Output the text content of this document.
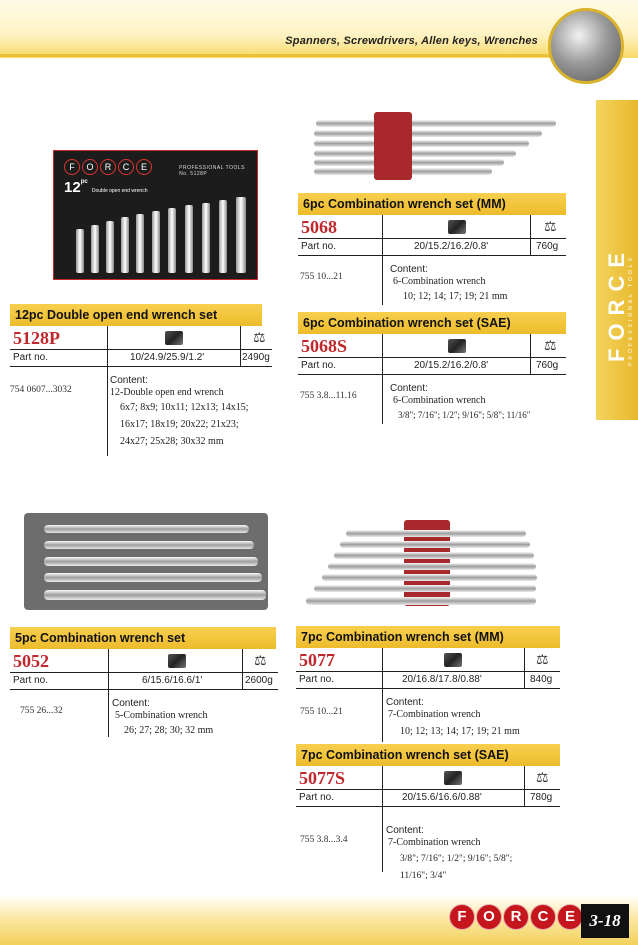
Spanners, Screwdrivers, Allen keys, Wrenches
FORCE PROFESSIONAL TOOLS
F	O	R	C	E
$12^{pc}$ Double open end wrench
PROFESSIONAL TOOLS
No. 5128P
12pc Double open end wrench set
5128P	⚖
Part no.	10/24.9/25.9/1.2'	2490g
754 0607...3032
Content:
12-Double open end wrench
6x7; 8x9; 10x11; 12x13; 14x15;
16x17; 18x19; 20x22; 21x23;
24x27; 25x28; 30x32 mm
6pc Combination wrench set (MM)
5068	⚖
Part no.	20/15.2/16.2/0.8'	760g
755 10...21
Content:
6-Combination wrench
10; 12; 14; 17; 19; 21 mm
6pc Combination wrench set (SAE)
5068S	⚖
Part no.	20/15.2/16.2/0.8'	760g
755 3.8...11.16
Content:
6-Combination wrench
3/8"; 7/16"; 1/2"; 9/16"; 5/8"; 11/16"
5pc Combination wrench set
5052	⚖
Part no.	6/15.6/16.6/1'	2600g
755 26...32
Content:
5-Combination wrench
26; 27; 28; 30; 32 mm
7pc Combination wrench set (MM)
5077	⚖
Part no.	20/16.8/17.8/0.88'	840g
755 10...21
Content:
7-Combination wrench
10; 12; 13; 14; 17; 19; 21 mm
7pc Combination wrench set (SAE)
5077S	⚖
Part no.	20/15.6/16.6/0.88'	780g
755 3.8...3.4
Content:
7-Combination wrench
3/8"; 7/16"; 1/2"; 9/16"; 5/8";
11/16"; 3/4"
F	O	R	C	E 3-18
